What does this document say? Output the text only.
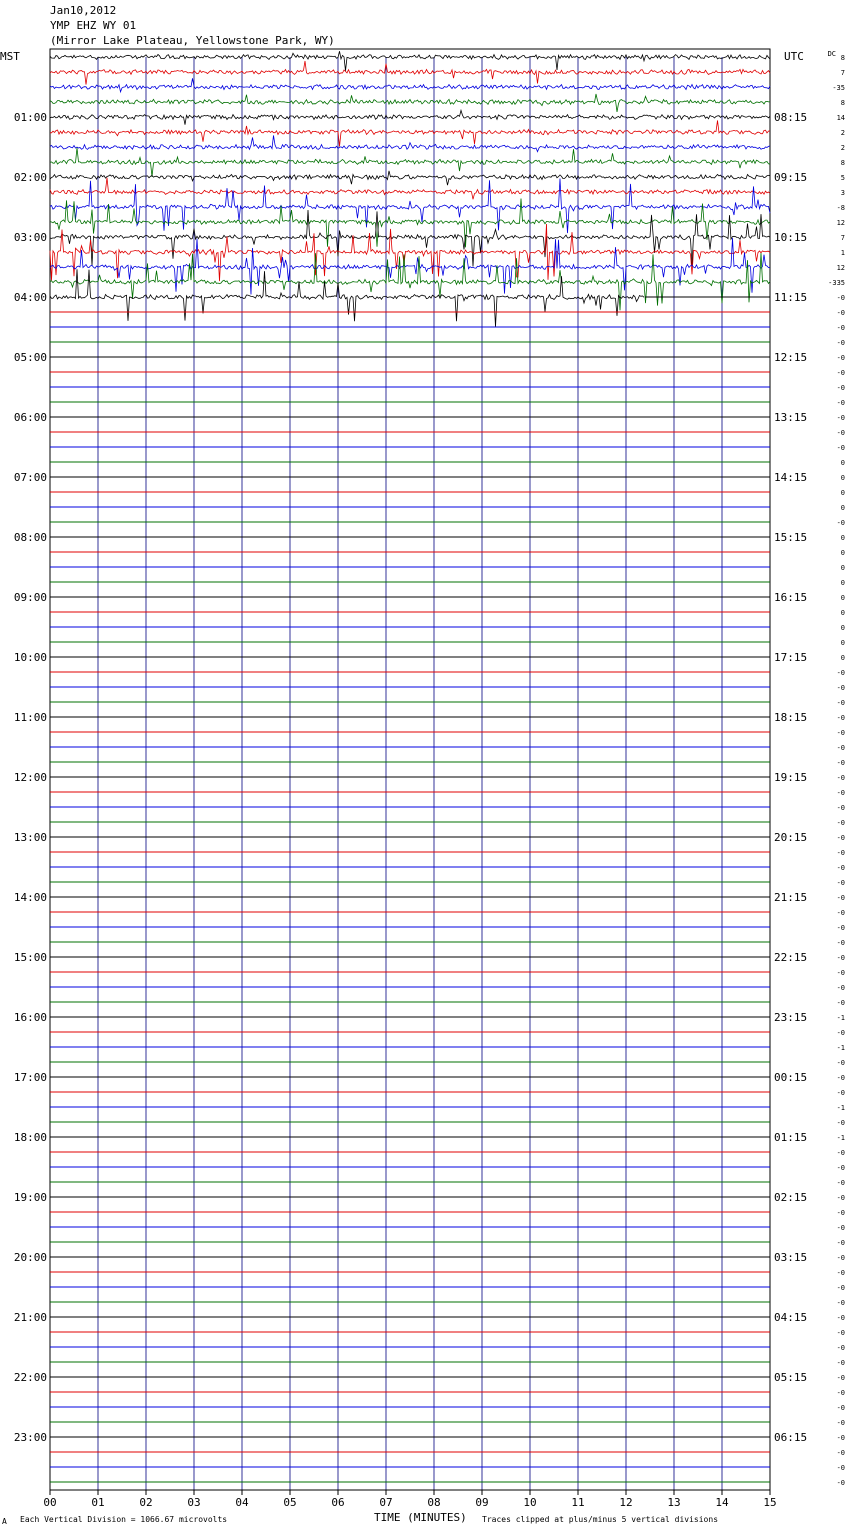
Jan10,2012
YMP EHZ WY 01
(Mirror Lake Plateau, Yellowstone Park, WY)
MST	UTC	DC
00	01	02	03	04	05	06	07	08	09	10	11	12	13	14	15
01:00
02:00
03:00
04:00
05:00
06:00
07:00
08:00
09:00
10:00
11:00
12:00
13:00
14:00
15:00
16:00
17:00
18:00
19:00
20:00
21:00
22:00
23:00
08:15
09:15
10:15
11:15
12:15
13:15
14:15
15:15
16:15
17:15
18:15
19:15
20:15
21:15
22:15
23:15
00:15
01:15
02:15
03:15
04:15
05:15
06:15
8
7
-35
8
14
2
2
8
5
3
-8
12
7
1
12
-335
-0
-0
-0
-0
-0
-0
-0
-0
-0
-0
-0
0
0
0
0
-0
0
0
0
0
0
0
0
0
0
-0
-0
-0
-0
-0
-0
-0
-0
-0
-0
-0
-0
-0
-0
-0
-0
-0
-0
-0
-0
-0
-0
-0
-1
-0
-1
-0
-0
-0
-1
-0
-1
-0
-0
-0
-0
-0
-0
-0
-0
-0
-0
-0
-0
-0
-0
-0
-0
-0
-0
-0
-0
-0
-0
-0
A Each Vertical Division = 1066.67 microvolts	TIME (MINUTES) Traces clipped at plus/minus 5 vertical divisions
